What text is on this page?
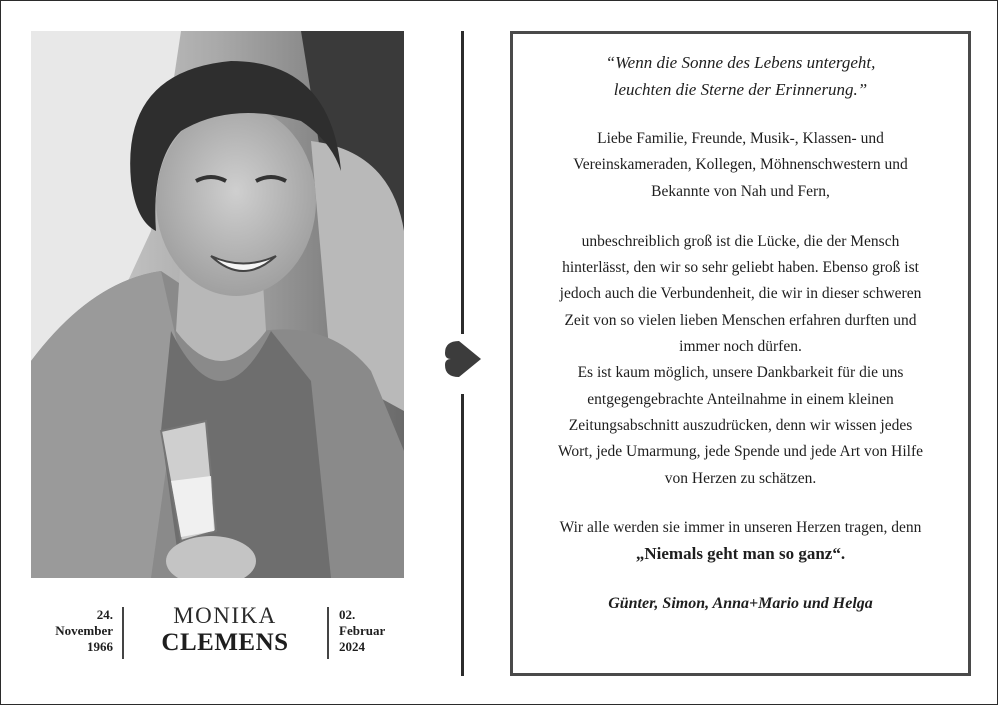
24.
November
1966
MONIKA
CLEMENS
02.
Februar
2024
“Wenn die Sonne des Lebens untergeht,
leuchten die Sterne der Erinnerung.”
Liebe Familie, Freunde, Musik-, Klassen- und
Vereinskameraden, Kollegen, Möhnenschwestern und
Bekannte von Nah und Fern,
unbeschreiblich groß ist die Lücke, die der Mensch
hinterlässt, den wir so sehr geliebt haben. Ebenso groß ist
jedoch auch die Verbundenheit, die wir in dieser schweren
Zeit von so vielen lieben Menschen erfahren durften und
immer noch dürfen.
Es ist kaum möglich, unsere Dankbarkeit für die uns
entgegengebrachte Anteilnahme in einem kleinen
Zeitungsabschnitt auszudrücken, denn wir wissen jedes
Wort, jede Umarmung, jede Spende und jede Art von Hilfe
von Herzen zu schätzen.
Wir alle werden sie immer in unseren Herzen tragen, denn
„Niemals geht man so ganz“.
Günter, Simon, Anna+Mario und Helga
